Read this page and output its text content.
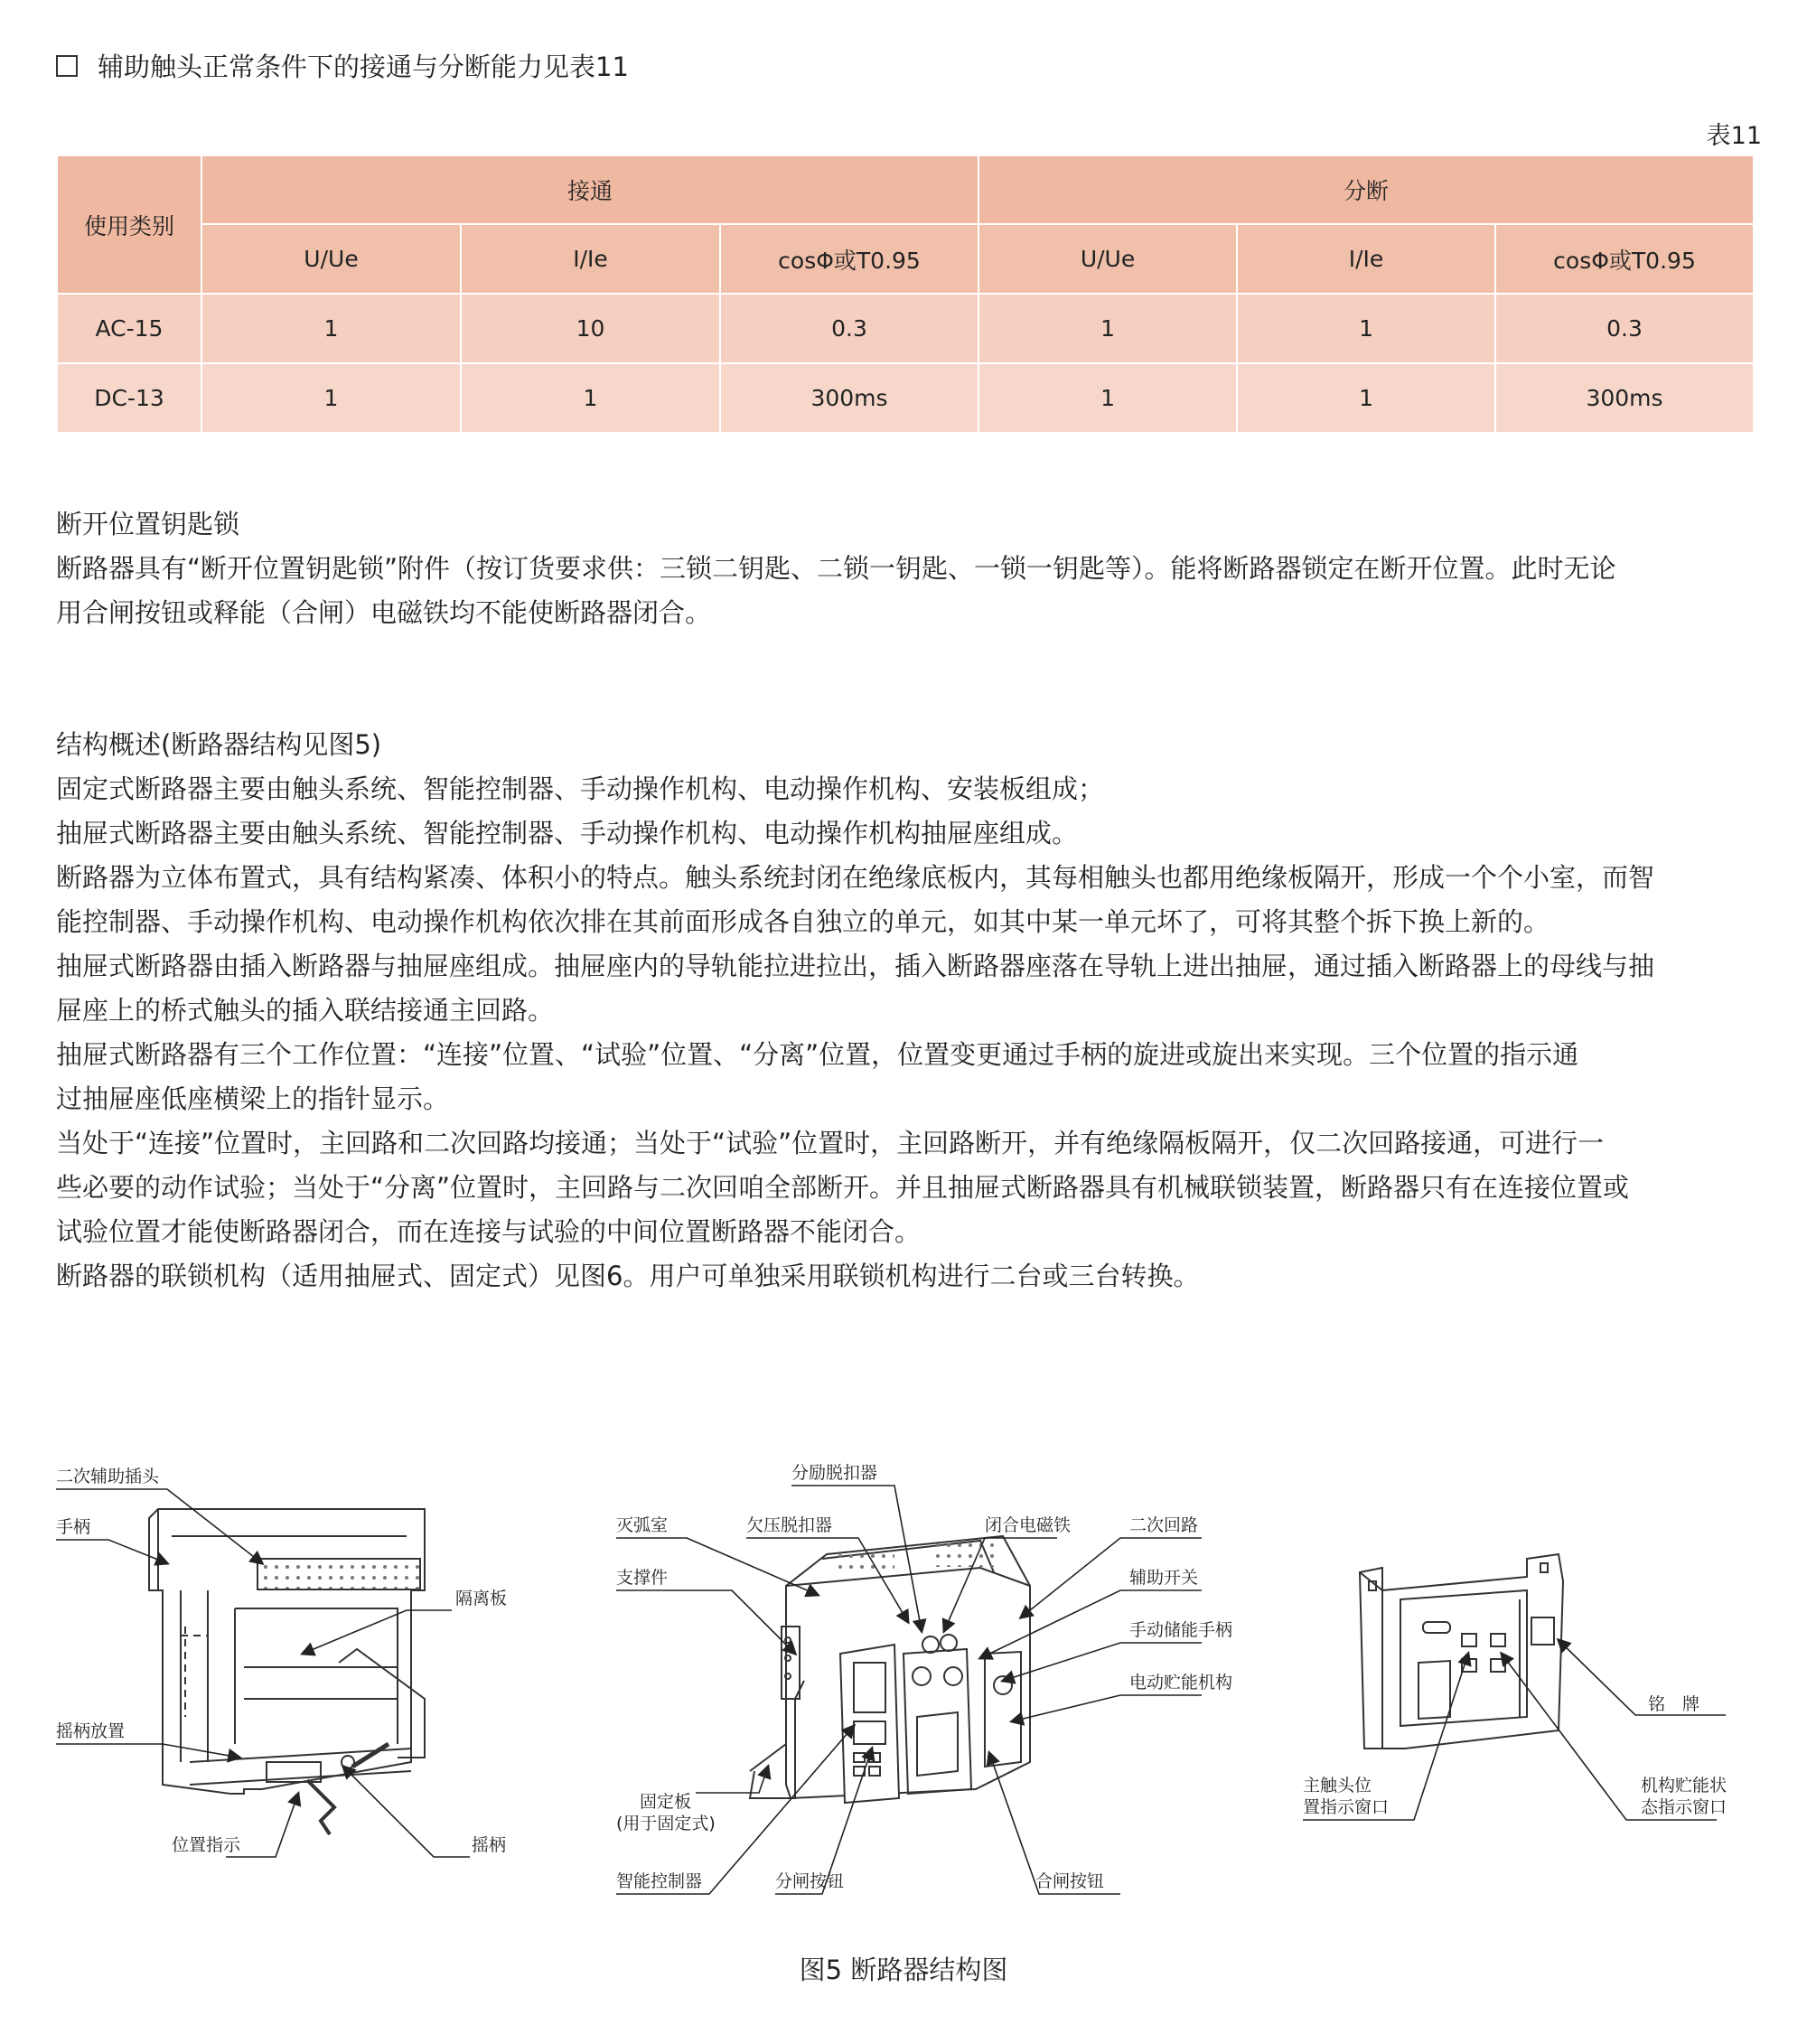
辅助触头正常条件下的接通与分断能力见表11
表11
使用类别	接通			分断		
	U/Ue	I/Ie	cosΦ或T0.95	U/Ue	I/Ie	cosΦ或T0.95
AC-15	1	10	0.3	1	1	0.3
DC-13	1	1	300ms	1	1	300ms

断开位置钥匙锁

断路器具有“断开位置钥匙锁”附件（按订货要求供：三锁二钥匙、二锁一钥匙、一锁一钥匙等）。能将断路器锁定在断开位置。此时无论

用合闸按钮或释能（合闸）电磁铁均不能使断路器闭合。

结构概述(断路器结构见图5)

固定式断路器主要由触头系统、智能控制器、手动操作机构、电动操作机构、安装板组成；

抽屉式断路器主要由触头系统、智能控制器、手动操作机构、电动操作机构抽屉座组成。

断路器为立体布置式，具有结构紧凑、体积小的特点。触头系统封闭在绝缘底板内，其每相触头也都用绝缘板隔开，形成一个个小室，而智

能控制器、手动操作机构、电动操作机构依次排在其前面形成各自独立的单元，如其中某一单元坏了，可将其整个拆下换上新的。

抽屉式断路器由插入断路器与抽屉座组成。抽屉座内的导轨能拉进拉出，插入断路器座落在导轨上进出抽屉，通过插入断路器上的母线与抽

屉座上的桥式触头的插入联结接通主回路。

抽屉式断路器有三个工作位置：“连接”位置、“试验”位置、“分离”位置，位置变更通过手柄的旋进或旋出来实现。三个位置的指示通

过抽屉座低座横梁上的指针显示。

当处于“连接”位置时，主回路和二次回路均接通；当处于“试验”位置时，主回路断开，并有绝缘隔板隔开，仅二次回路接通，可进行一

些必要的动作试验；当处于“分离”位置时，主回路与二次回咱全部断开。并且抽屉式断路器具有机械联锁装置，断路器只有在连接位置或

试验位置才能使断路器闭合，而在连接与试验的中间位置断路器不能闭合。

断路器的联锁机构（适用抽屉式、固定式）见图6。用户可单独采用联锁机构进行二台或三台转换。

二次辅助插头
手柄
隔离板
摇柄放置
位置指示	摇柄
分励脱扣器
灭弧室	欠压脱扣器	闭合电磁铁	二次回路
支撑件	辅助开关
手动储能手柄
电动贮能机构
固定板
(用于固定式)
智能控制器	分闸按钮	合闸按钮
铭　牌
主触头位
置指示窗口
机构贮能状
态指示窗口
图5 断路器结构图
